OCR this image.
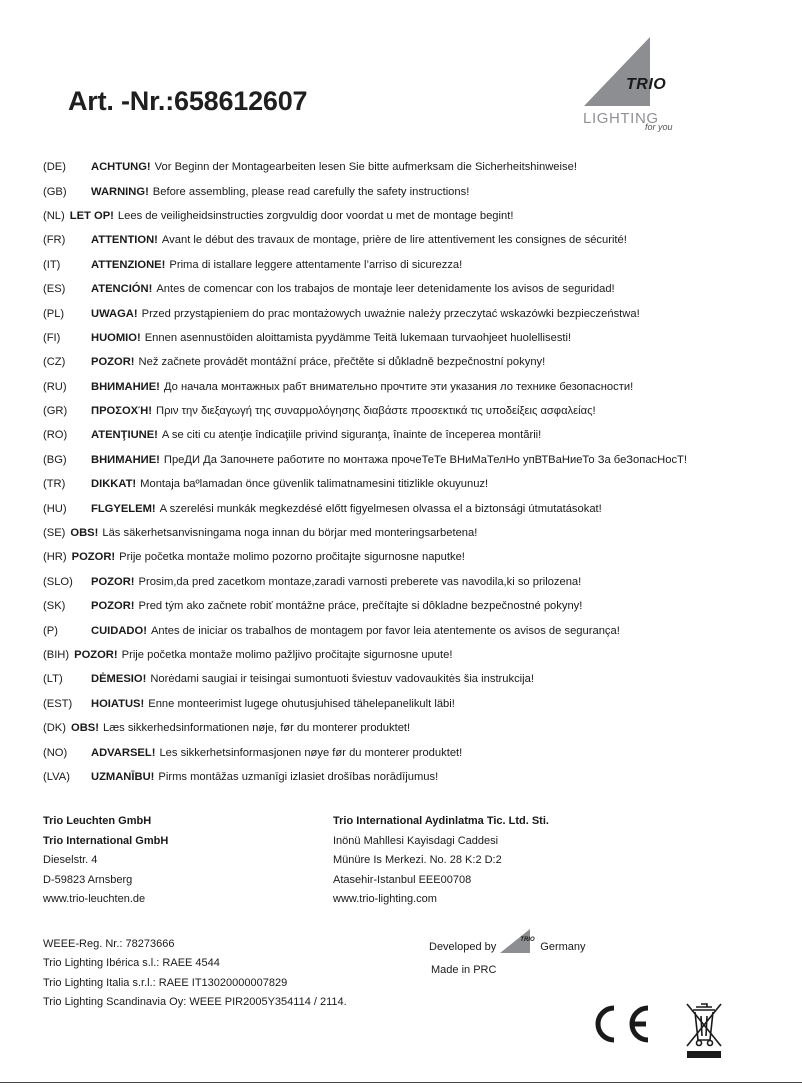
Art. -Nr.:658612607
TRIO
LIGHTING
for you
(DE)	ACHTUNG! Vor Beginn der Montagearbeiten lesen Sie bitte aufmerksam die Sicherheitshinweise!
(GB)	WARNING! Before assembling, please read carefully the safety instructions!
(NL) LET OP! Lees de veiligheidsinstructies zorgvuldig door voordat u met de montage begint!
(FR)	ATTENTION! Avant le début des travaux de montage, prière de lire attentivement les consignes de sécurité!
(IT)	ATTENZIONE! Prima di istallare leggere attentamente l’arriso di sicurezza!
(ES)	ATENCIÓN! Antes de comencar con los trabajos de montaje leer detenidamente los avisos de seguridad!
(PL)	UWAGA! Przed przystąpieniem do prac montażowych uważnie należy przeczytać wskazówki bezpieczeństwa!
(FI)	HUOMIO! Ennen asennustöiden aloittamista pyydämme Teitä lukemaan turvaohjeet huolellisesti!
(CZ)	POZOR! Než začnete provádět montážní práce, přečtěte si důkladně bezpečnostní pokyny!
(RU)	ВНИМАНИЕ! До начала монтажных рабт внимательно прочтите эти указания ло технике безопасности!
(GR)	ΠΡΟΣΟΧΉ! Πριν την διεξαγωγή της συναρμολόγησης διαβάστε προσεκτικά τις υποδείξεις ασφαλείας!
(RO)	ATENŢIUNE! A se citi cu atenţie îndicaţiile privind siguranţa, înainte de începerea montării!
(BG)	ВНИМАНИЕ! ПреДИ Да Започнете работите по монтажа прочеТеТе ВНиМаТелНо упВТВаНиеТо За беЗопасНосТ!
(TR)	DIKKAT! Montaja baºlamadan önce güvenlik talimatnamesini titizlikle okuyunuz!
(HU)	FLGYELEM! A szerelési munkák megkezdésé előtt figyelmesen olvassa el a biztonsági útmutatásokat!
(SE) OBS! Läs säkerhetsanvisningama noga innan du börjar med monteringsarbetena!
(HR) POZOR! Prije početka montaže molimo pozorno pročitajte sigurnosne naputke!
(SLO)	POZOR! Prosim,da pred zacetkom montaze,zaradi varnosti preberete vas navodila,ki so prilozena!
(SK)	POZOR! Pred tým ako začnete robiť montážne práce, prečítajte si dôkladne bezpečnostné pokyny!
(P)	CUIDADO! Antes de iniciar os trabalhos de montagem por favor leia atentemente os avisos de segurança!
(BIH) POZOR! Prije početka montaže molimo pažljivo pročitajte sigurnosne upute!
(LT)	DĖMESIO! Norėdami saugiai ir teisingai sumontuoti šviestuv vadovaukitės šia instrukcija!
(EST)	HOIATUS! Enne monteerimist lugege ohutusjuhised tähelepanelikult läbi!
(DK) OBS! Læs sikkerhedsinformationen nøje, før du monterer produktet!
(NO)	ADVARSEL! Les sikkerhetsinformasjonen nøye før du monterer produktet!
(LVA)	UZMANĪBU! Pirms montāžas uzmanīgi izlasiet drošības norādījumus!
Trio Leuchten GmbH
Trio International GmbH
Dieselstr. 4
D-59823 Arnsberg
www.trio-leuchten.de
Trio International Aydinlatma Tic. Ltd. Sti.
Inönü Mahllesi Kayisdagi Caddesi
Münüre Is Merkezi. No. 28 K:2 D:2
Atasehir-Istanbul EEE00708
www.trio-lighting.com
WEEE-Reg. Nr.: 78273666
Trio Lighting Ibérica s.l.: RAEE 4544
Trio Lighting Italia s.r.l.: RAEE IT13020000007829
Trio Lighting Scandinavia Oy: WEEE PIR2005Y354114 / 2114.
Developed by
TRIO
Germany
Made in PRC
